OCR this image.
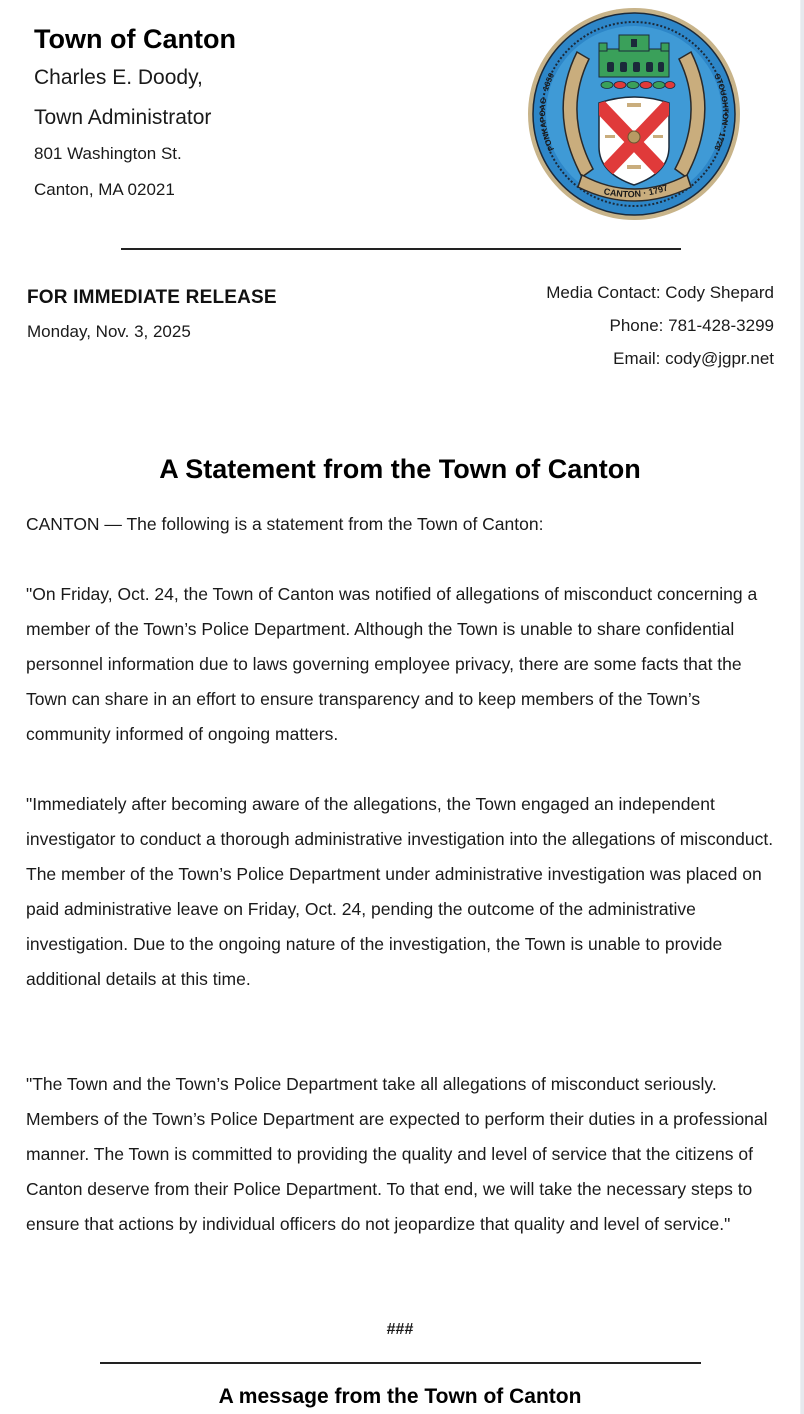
Town of Canton
Charles E. Doody,
Town Administrator
801 Washington St.
Canton, MA 02021
PONKAPOAG · 1650	STOUGHTON · 1726
CANTON · 1797
FOR IMMEDIATE RELEASE
Monday, Nov. 3, 2025
Media Contact: Cody Shepard
Phone: 781-428-3299
Email: cody@jgpr.net
A Statement from the Town of Canton

CANTON — The following is a statement from the Town of Canton:

"On Friday, Oct. 24, the Town of Canton was notified of allegations of misconduct concerning a member of the Town’s Police Department. Although the Town is unable to share confidential personnel information due to laws governing employee privacy, there are some facts that the Town can share in an effort to ensure transparency and to keep members of the Town’s community informed of ongoing matters.

"Immediately after becoming aware of the allegations, the Town engaged an independent investigator to conduct a thorough administrative investigation into the allegations of misconduct. The member of the Town’s Police Department under administrative investigation was placed on paid administrative leave on Friday, Oct. 24, pending the outcome of the administrative investigation. Due to the ongoing nature of the investigation, the Town is unable to provide additional details at this time.

"The Town and the Town’s Police Department take all allegations of misconduct seriously. Members of the Town’s Police Department are expected to perform their duties in a professional manner. The Town is committed to providing the quality and level of service that the citizens of Canton deserve from their Police Department. To that end, we will take the necessary steps to ensure that actions by individual officers do not jeopardize that quality and level of service."

###
A message from the Town of Canton
